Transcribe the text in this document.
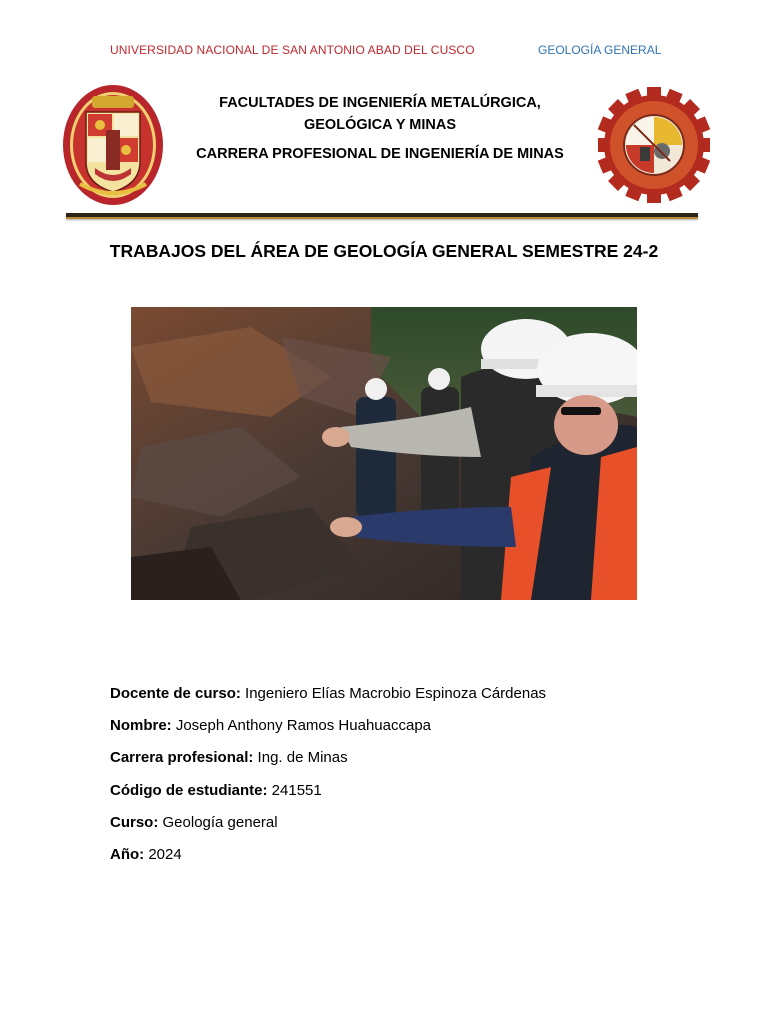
UNIVERSIDAD NACIONAL DE SAN ANTONIO ABAD DEL CUSCO	GEOLOGÍA GENERAL
FACULTADES DE INGENIERÍA METALÚRGICA,
GEOLÓGICA Y MINAS
CARRERA PROFESIONAL DE INGENIERÍA DE MINAS
TRABAJOS DEL ÁREA DE GEOLOGÍA GENERAL SEMESTRE 24-2
Docente de curso: Ingeniero Elías Macrobio Espinoza Cárdenas
Nombre: Joseph Anthony Ramos Huahuaccapa
Carrera profesional: Ing. de Minas
Código de estudiante: 241551
Curso: Geología general
Año: 2024
